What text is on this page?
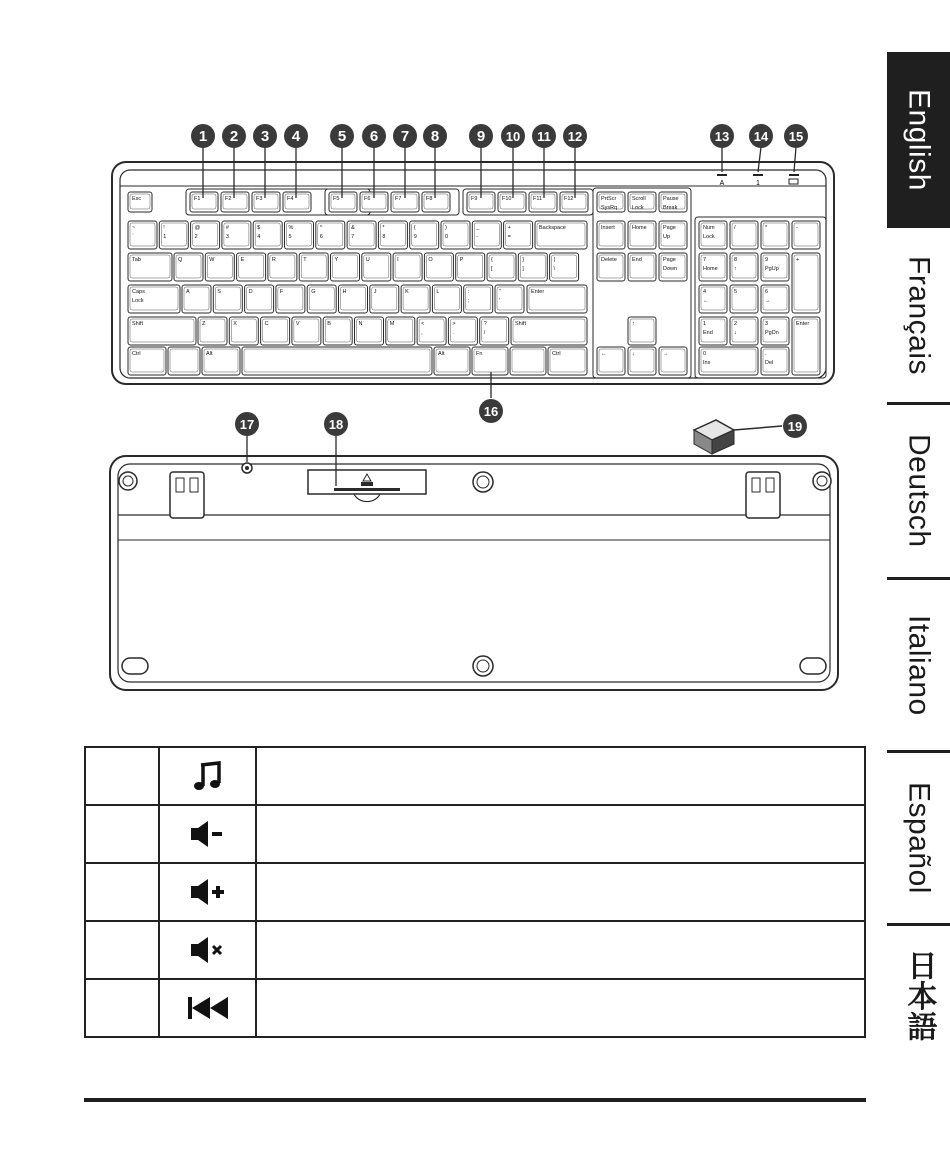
A	1
Esc	F1	F2	F3	F4	F5	F6	F7	F8	F9	F10	F11	F12	PrtScr
SysRq
Scroll
Lock
Pause
Break
~
`
!
1
@
2
#
3
$
4
%
5
^
6
&
7
*
8
(
9
)
0
_
-
+
=
Backspace
Tab	Q	W	E	R	T	Y	U	I	O	P	{
[
}
]
|
\
Caps
Lock
A	S	D	F	G	H	J	K	L	:
;
"
'
Enter
Shift	Z	X	C	V	B	N	M	<
,
>
.
?
/
Shift
Ctrl	Alt	Alt	Fn	Ctrl
Insert	Home	Page
Up
Delete	End	Page
Down
↑
←	↓	→
Num
Lock
/	*	-
7
Home
8
↑
9
PgUp
+
4
←
5	6
→
1
End
2
↓
3
PgDn
Enter
0
Ins
.
Del
1 2 3 4	5 6 7 8	9 10 11 12	13 14 15
16
17	18	19
English
Français
Deutsch
Italiano
Español
日本語
